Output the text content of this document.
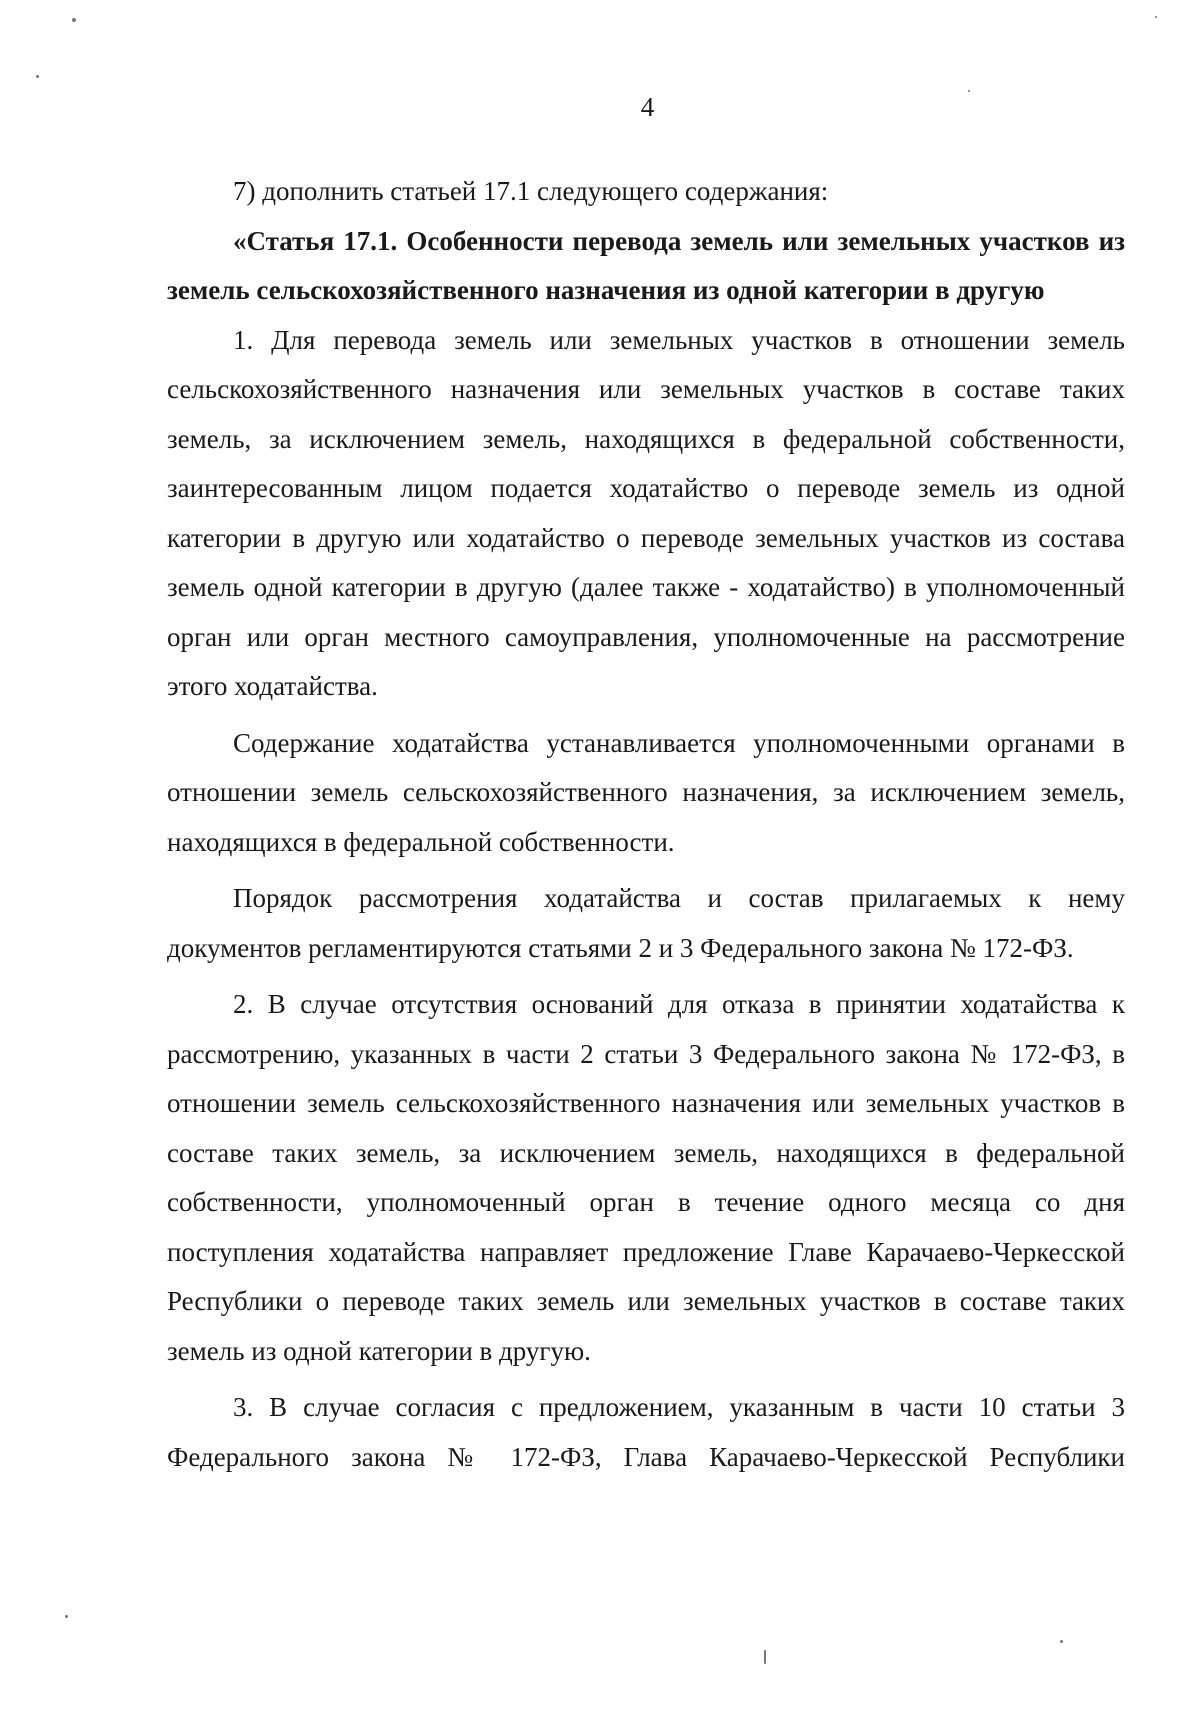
4

7) дополнить статьей 17.1 следующего содержания:

«Статья 17.1. Особенности перевода земель или земельных участков из земель сельскохозяйственного назначения из одной категории в другую

1. Для перевода земель или земельных участков в отношении земель сельскохозяйственного назначения или земельных участков в составе таких земель, за исключением земель, находящихся в федеральной собственности, заинтересованным лицом подается ходатайство о переводе земель из одной категории в другую или ходатайство о переводе земельных участков из состава земель одной категории в другую (далее также - ходатайство) в уполномоченный орган или орган местного самоуправления, уполномоченные на рассмотрение этого ходатайства.

Содержание ходатайства устанавливается уполномоченными органами в отношении земель сельскохозяйственного назначения, за исключением земель, находящихся в федеральной собственности.

Порядок рассмотрения ходатайства и состав прилагаемых к нему документов регламентируются статьями 2 и 3 Федерального закона № 172-ФЗ.

2. В случае отсутствия оснований для отказа в принятии ходатайства к рассмотрению, указанных в части 2 статьи 3 Федерального закона № 172-ФЗ, в отношении земель сельскохозяйственного назначения или земельных участков в составе таких земель, за исключением земель, находящихся в федеральной собственности, уполномоченный орган в течение одного месяца со дня поступления ходатайства направляет предложение Главе Карачаево-Черкесской Республики о переводе таких земель или земельных участков в составе таких земель из одной категории в другую.

3. В случае согласия с предложением, указанным в части 10 статьи 3 Федерального закона № 172-ФЗ, Глава Карачаево-Черкесской Республики
